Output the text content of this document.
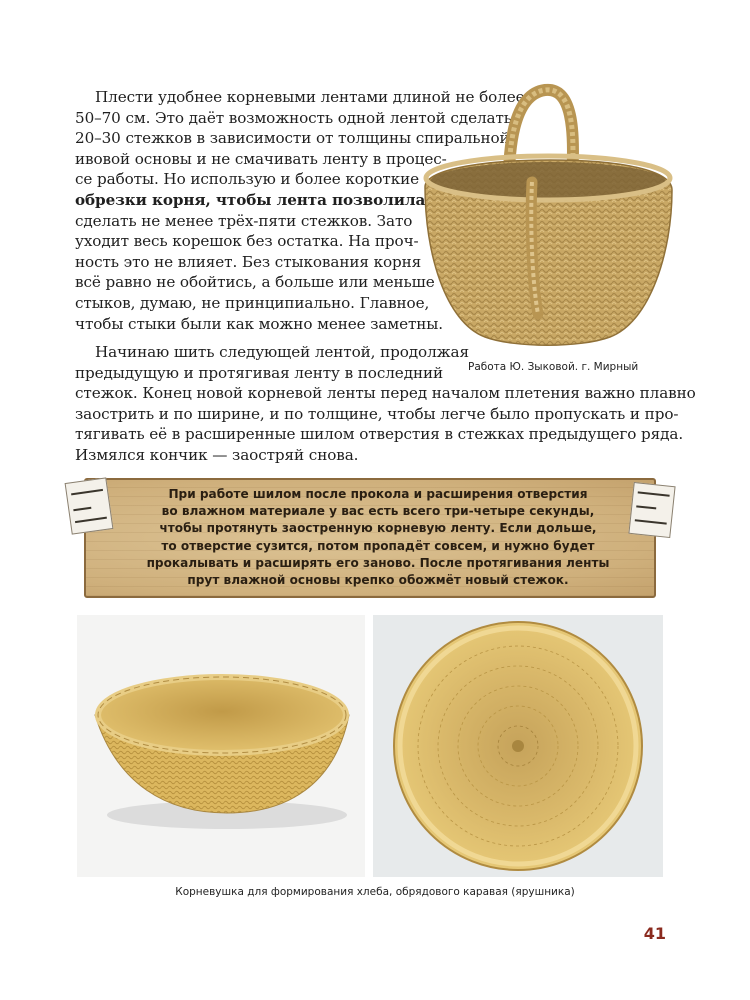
Плести удобнее корневыми лентами длиной не более
50–70 см. Это даёт возможность одной лентой сделать
20–30 стежков в зависимости от толщины спиральной
ивовой основы и не смачивать ленту в процес-
се работы. Но использую и более короткие
обрезки корня, чтобы лента позволила
сделать не менее трёх-пяти стежков. Зато
уходит весь корешок без остатка. На проч-
ность это не влияет. Без стыкования корня
всё равно не обойтись, а больше или меньше
стыков, думаю, не принципиально. Главное,
чтобы стыки были как можно менее заметны.
Начинаю шить следующей лентой, продолжая
предыдущую и протягивая ленту в последний
стежок. Конец новой корневой ленты перед началом плетения важно плавно
заострить и по ширине, и по толщине, чтобы легче было пропускать и про-
тягивать её в расширенные шилом отверстия в стежках предыдущего ряда.
Измялся кончик — заостряй снова.
Работа Ю. Зыковой. г. Мирный
При работе шилом после прокола и расширения отверстия
во влажном материале у вас есть всего три-четыре секунды,
чтобы протянуть заостренную корневую ленту. Если дольше,
то отверстие сузится, потом пропадёт совсем, и нужно будет
прокалывать и расширять его заново. После протягивания ленты
прут влажной основы крепко обожмёт новый стежок.
Корневушка для формирования хлеба, обрядового каравая (ярушника)
41
